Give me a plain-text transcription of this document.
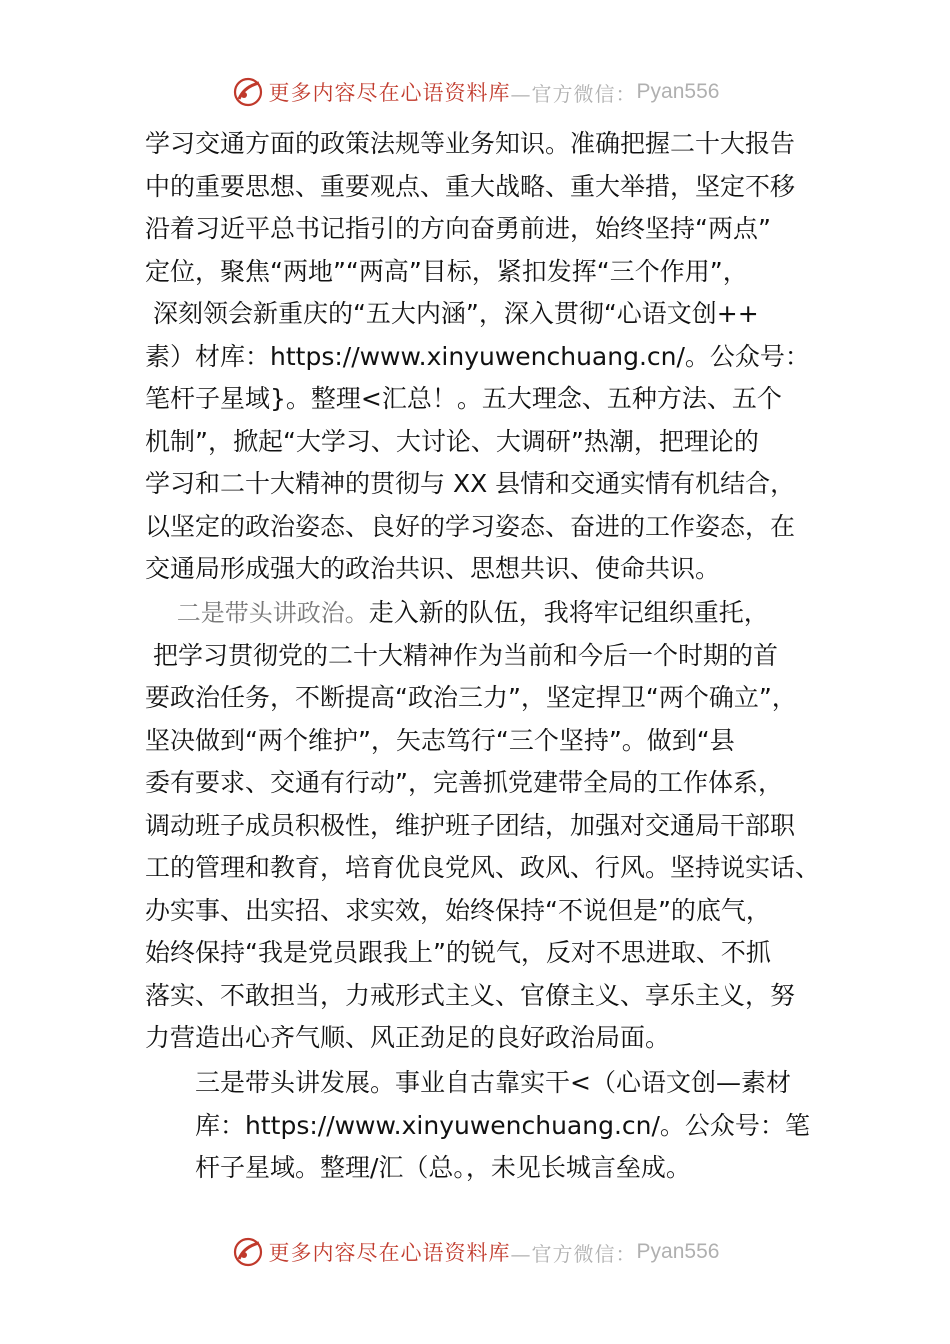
更多内容尽在心语资料库 —官方微信： Pyan556
学习交通方面的政策法规等业务知识。准确把握二十大报告
中的重要思想、重要观点、重大战略、重大举措，坚定不移
沿着习近平总书记指引的方向奋勇前进，始终坚持“两点”
定位，聚焦“两地”“两高”目标，紧扣发挥“三个作用”，
深刻领会新重庆的“五大内涵”，深入贯彻“心语文创++
素）材库：https://www.xinyuwenchuang.cn/。公众号：
笔杆子星域}。整理<汇总！。五大理念、五种方法、五个
机制”，掀起“大学习、大讨论、大调研”热潮，把理论的
学习和二十大精神的贯彻与 XX 县情和交通实情有机结合，
以坚定的政治姿态、良好的学习姿态、奋进的工作姿态，在
交通局形成强大的政治共识、思想共识、使命共识。
二是带头讲政治。走入新的队伍，我将牢记组织重托，
把学习贯彻党的二十大精神作为当前和今后一个时期的首
要政治任务，不断提高“政治三力”，坚定捍卫“两个确立”，
坚决做到“两个维护”，矢志笃行“三个坚持”。做到“县
委有要求、交通有行动”，完善抓党建带全局的工作体系，
调动班子成员积极性，维护班子团结，加强对交通局干部职
工的管理和教育，培育优良党风、政风、行风。坚持说实话、
办实事、出实招、求实效，始终保持“不说但是”的底气，
始终保持“我是党员跟我上”的锐气，反对不思进取、不抓
落实、不敢担当，力戒形式主义、官僚主义、享乐主义，努
力营造出心齐气顺、风正劲足的良好政治局面。
三是带头讲发展。事业自古靠实干<（心语文创—素材
库：https://www.xinyuwenchuang.cn/。公众号：笔
杆子星域。整理/汇（总。，未见长城言垒成。
更多内容尽在心语资料库 —官方微信： Pyan556
